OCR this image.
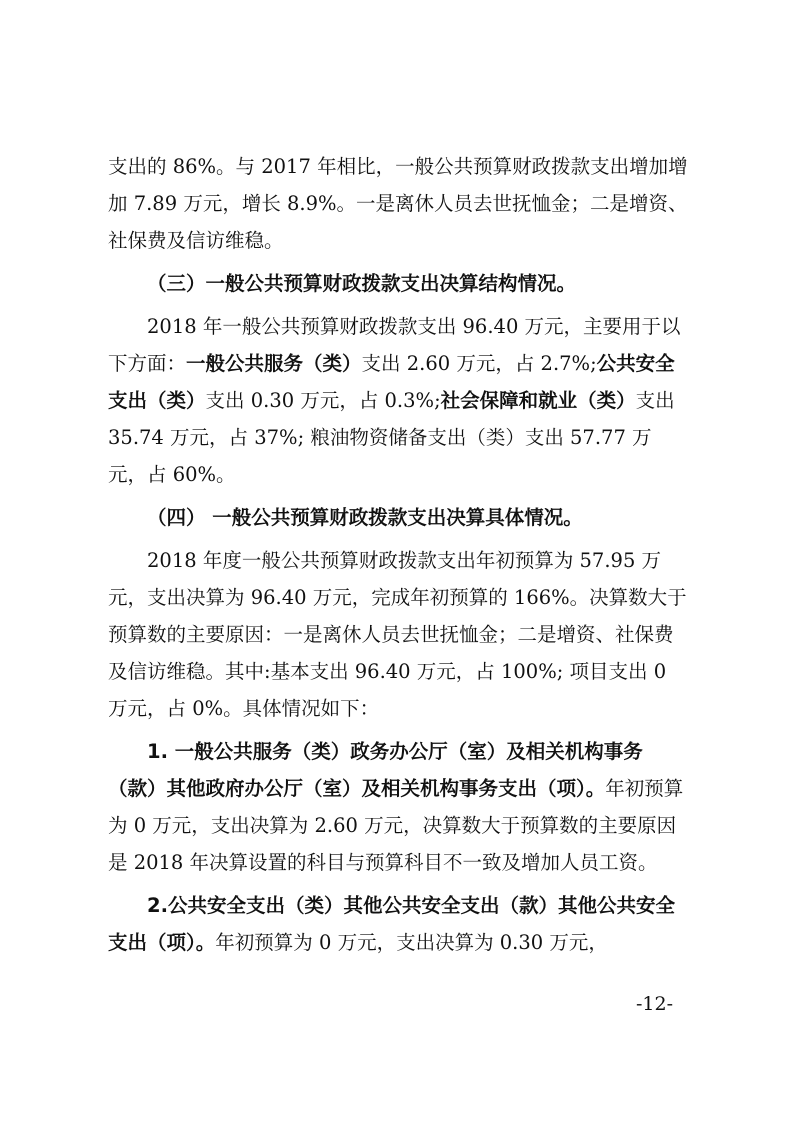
支出的 86%。与 2017 年相比，一般公共预算财政拨款支出增加增加 7.89 万元，增长 8.9%。一是离休人员去世抚恤金；二是增资、社保费及信访维稳。

（三）一般公共预算财政拨款支出决算结构情况。

2018 年一般公共预算财政拨款支出 96.40 万元，主要用于以下方面：一般公共服务（类）支出 2.60 万元，占 2.7%;公共安全支出（类）支出 0.30 万元，占 0.3%;社会保障和就业（类）支出 35.74 万元，占 37%; 粮油物资储备支出（类）支出 57.77 万元，占 60%。

（四） 一般公共预算财政拨款支出决算具体情况。

2018 年度一般公共预算财政拨款支出年初预算为 57.95 万元，支出决算为 96.40 万元，完成年初预算的 166%。决算数大于预算数的主要原因：一是离休人员去世抚恤金；二是增资、社保费及信访维稳。其中:基本支出 96.40 万元，占 100%; 项目支出 0 万元，占 0%。具体情况如下：

1. 一般公共服务（类）政务办公厅（室）及相关机构事务（款）其他政府办公厅（室）及相关机构事务支出（项）。年初预算为 0 万元，支出决算为 2.60 万元，决算数大于预算数的主要原因是 2018 年决算设置的科目与预算科目不一致及增加人员工资。

2.公共安全支出（类）其他公共安全支出（款）其他公共安全支出（项）。年初预算为 0 万元，支出决算为 0.30 万元，

-12-
